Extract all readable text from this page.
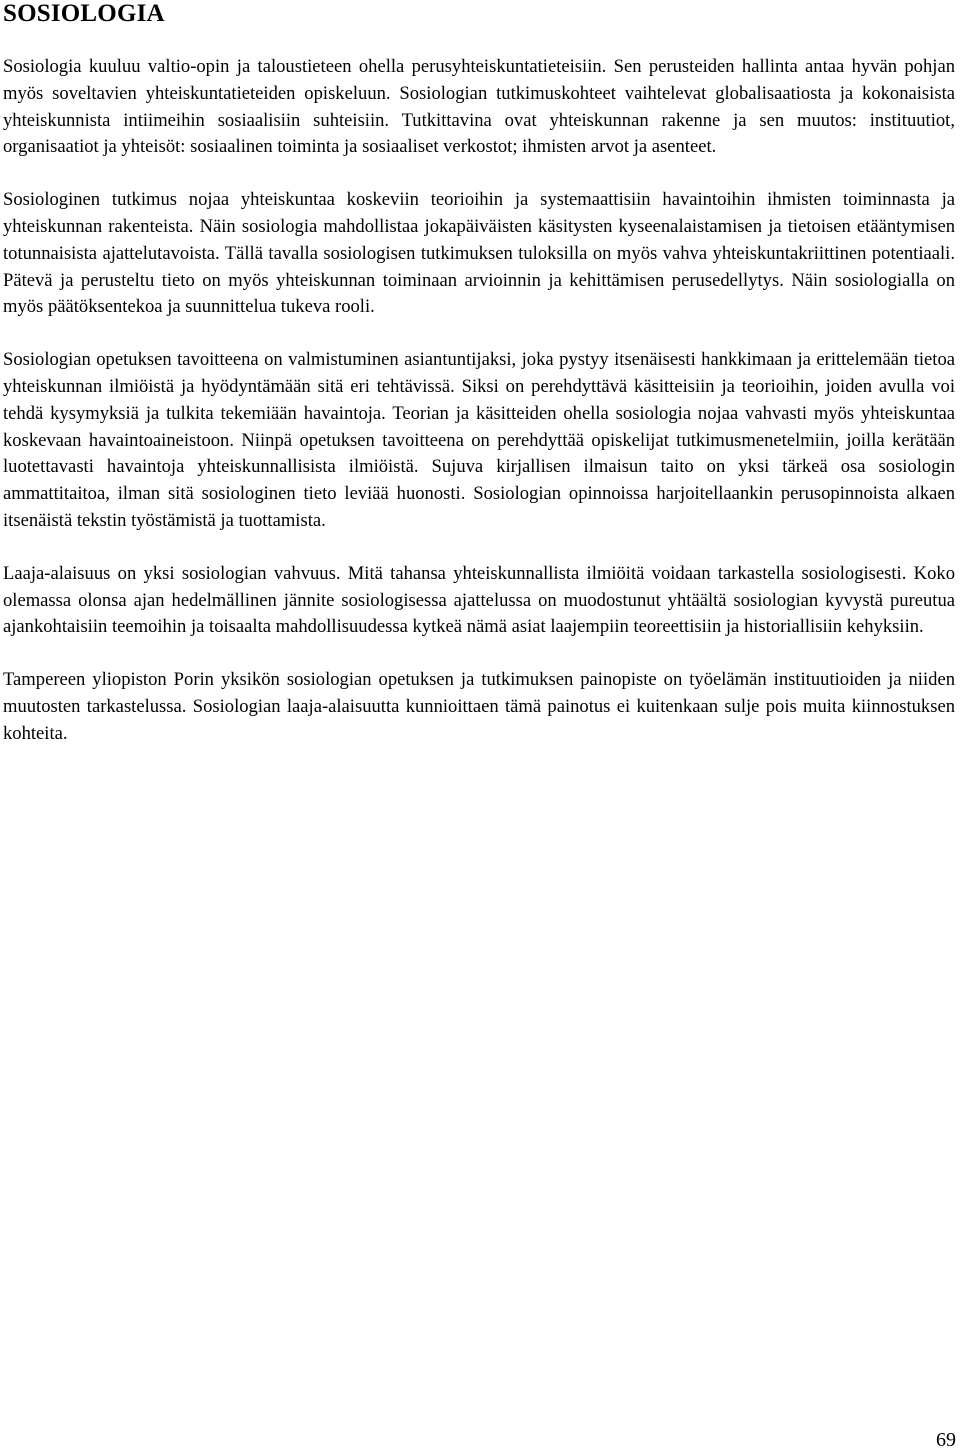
SOSIOLOGIA

Sosiologia kuuluu valtio-opin ja taloustieteen ohella perusyhteiskuntatieteisiin. Sen perusteiden hallinta antaa hyvän pohjan myös soveltavien yhteiskuntatieteiden opiskeluun. Sosiologian tutkimuskohteet vaihtelevat globalisaatiosta ja kokonaisista yhteiskunnista intiimeihin sosiaalisiin suhteisiin. Tutkittavina ovat yhteiskunnan rakenne ja sen muutos: instituutiot, organisaatiot ja yhteisöt: sosiaalinen toiminta ja sosiaaliset verkostot; ihmisten arvot ja asenteet.

Sosiologinen tutkimus nojaa yhteiskuntaa koskeviin teorioihin ja systemaattisiin havaintoihin ihmisten toiminnasta ja yhteiskunnan rakenteista. Näin sosiologia mahdollistaa jokapäiväisten käsitysten kyseenalaistamisen ja tietoisen etääntymisen totunnaisista ajattelutavoista. Tällä tavalla sosiologisen tutkimuksen tuloksilla on myös vahva yhteiskuntakriittinen potentiaali. Pätevä ja perusteltu tieto on myös yhteiskunnan toiminaan arvioinnin ja kehittämisen perusedellytys. Näin sosiologialla on myös päätöksentekoa ja suunnittelua tukeva rooli.

Sosiologian opetuksen tavoitteena on valmistuminen asiantuntijaksi, joka pystyy itsenäisesti hankkimaan ja erittelemään tietoa yhteiskunnan ilmiöistä ja hyödyntämään sitä eri tehtävissä. Siksi on perehdyttävä käsitteisiin ja teorioihin, joiden avulla voi tehdä kysymyksiä ja tulkita tekemiään havaintoja. Teorian ja käsitteiden ohella sosiologia nojaa vahvasti myös yhteiskuntaa koskevaan havaintoaineistoon. Niinpä opetuksen tavoitteena on perehdyttää opiskelijat tutkimusmenetelmiin, joilla kerätään luotettavasti havaintoja yhteiskunnallisista ilmiöistä. Sujuva kirjallisen ilmaisun taito on yksi tärkeä osa sosiologin ammattitaitoa, ilman sitä sosiologinen tieto leviää huonosti. Sosiologian opinnoissa harjoitellaankin perusopinnoista alkaen itsenäistä tekstin työstämistä ja tuottamista.

Laaja-alaisuus on yksi sosiologian vahvuus. Mitä tahansa yhteiskunnallista ilmiöitä voidaan tarkastella sosiologisesti. Koko olemassa olonsa ajan hedelmällinen jännite sosiologisessa ajattelussa on muodostunut yhtäältä sosiologian kyvystä pureutua ajankohtaisiin teemoihin ja toisaalta mahdollisuudessa kytkeä nämä asiat laajempiin teoreettisiin ja historiallisiin kehyksiin.

Tampereen yliopiston Porin yksikön sosiologian opetuksen ja tutkimuksen painopiste on työelämän instituutioiden ja niiden muutosten tarkastelussa. Sosiologian laaja-alaisuutta kunnioittaen tämä painotus ei kuitenkaan sulje pois muita kiinnostuksen kohteita.

69
